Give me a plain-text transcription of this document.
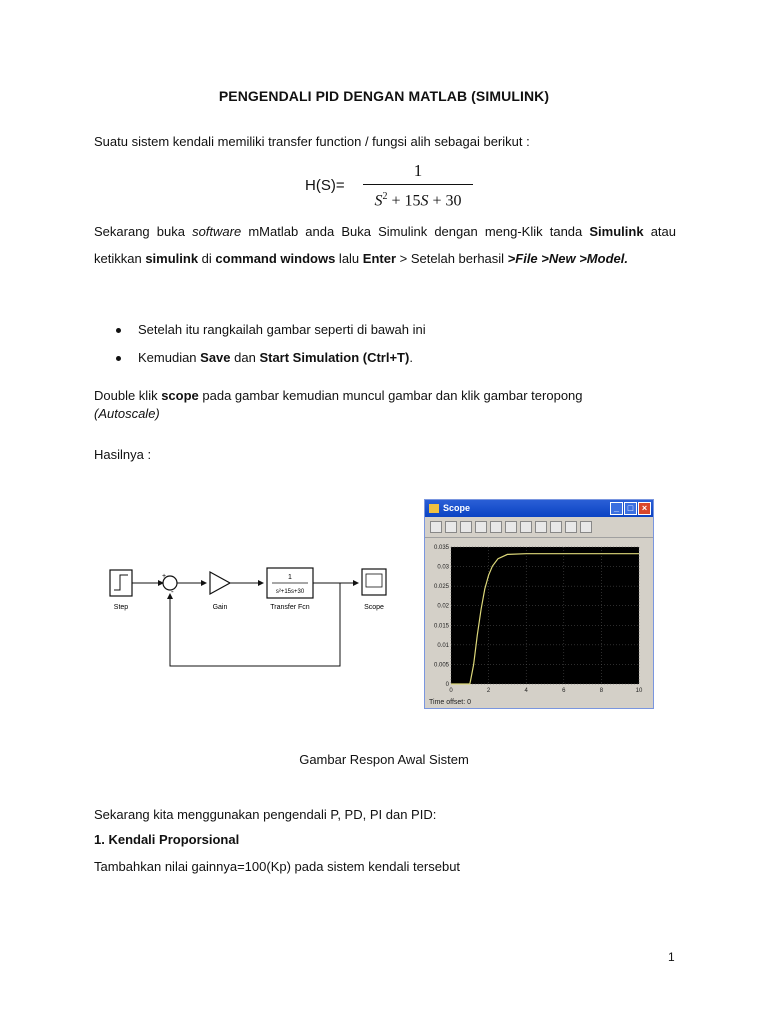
PENGENDALI PID DENGAN MATLAB (SIMULINK)
Suatu sistem kendali memiliki transfer function / fungsi alih sebagai berikut :
H(S)=
1
$S^2 + 15S + 30$
Sekarang buka software mMatlab anda Buka Simulink dengan meng-Klik tanda Simulink atau ketikkan simulink di command windows lalu Enter > Setelah berhasil >File >New >Model.
Setelah itu rangkailah gambar seperti di bawah ini
Kemudian Save dan Start Simulation (Ctrl+T).
Double klik scope pada gambar kemudian muncul gambar dan klik gambar teropong
(Autoscale)
Hasilnya :
Step
+
-
Gain
1
s²+15s+30
Transfer Fcn	Scope
Scope	_ □ ×
0	2	4	6	8	10
0
0.005
0.01
0.015
0.02
0.025
0.03
0.035
Time offset: 0
Gambar Respon Awal Sistem
Sekarang kita menggunakan pengendali P, PD, PI dan PID:
1. Kendali Proporsional
Tambahkan nilai gainnya=100(Kp) pada sistem kendali tersebut
1
